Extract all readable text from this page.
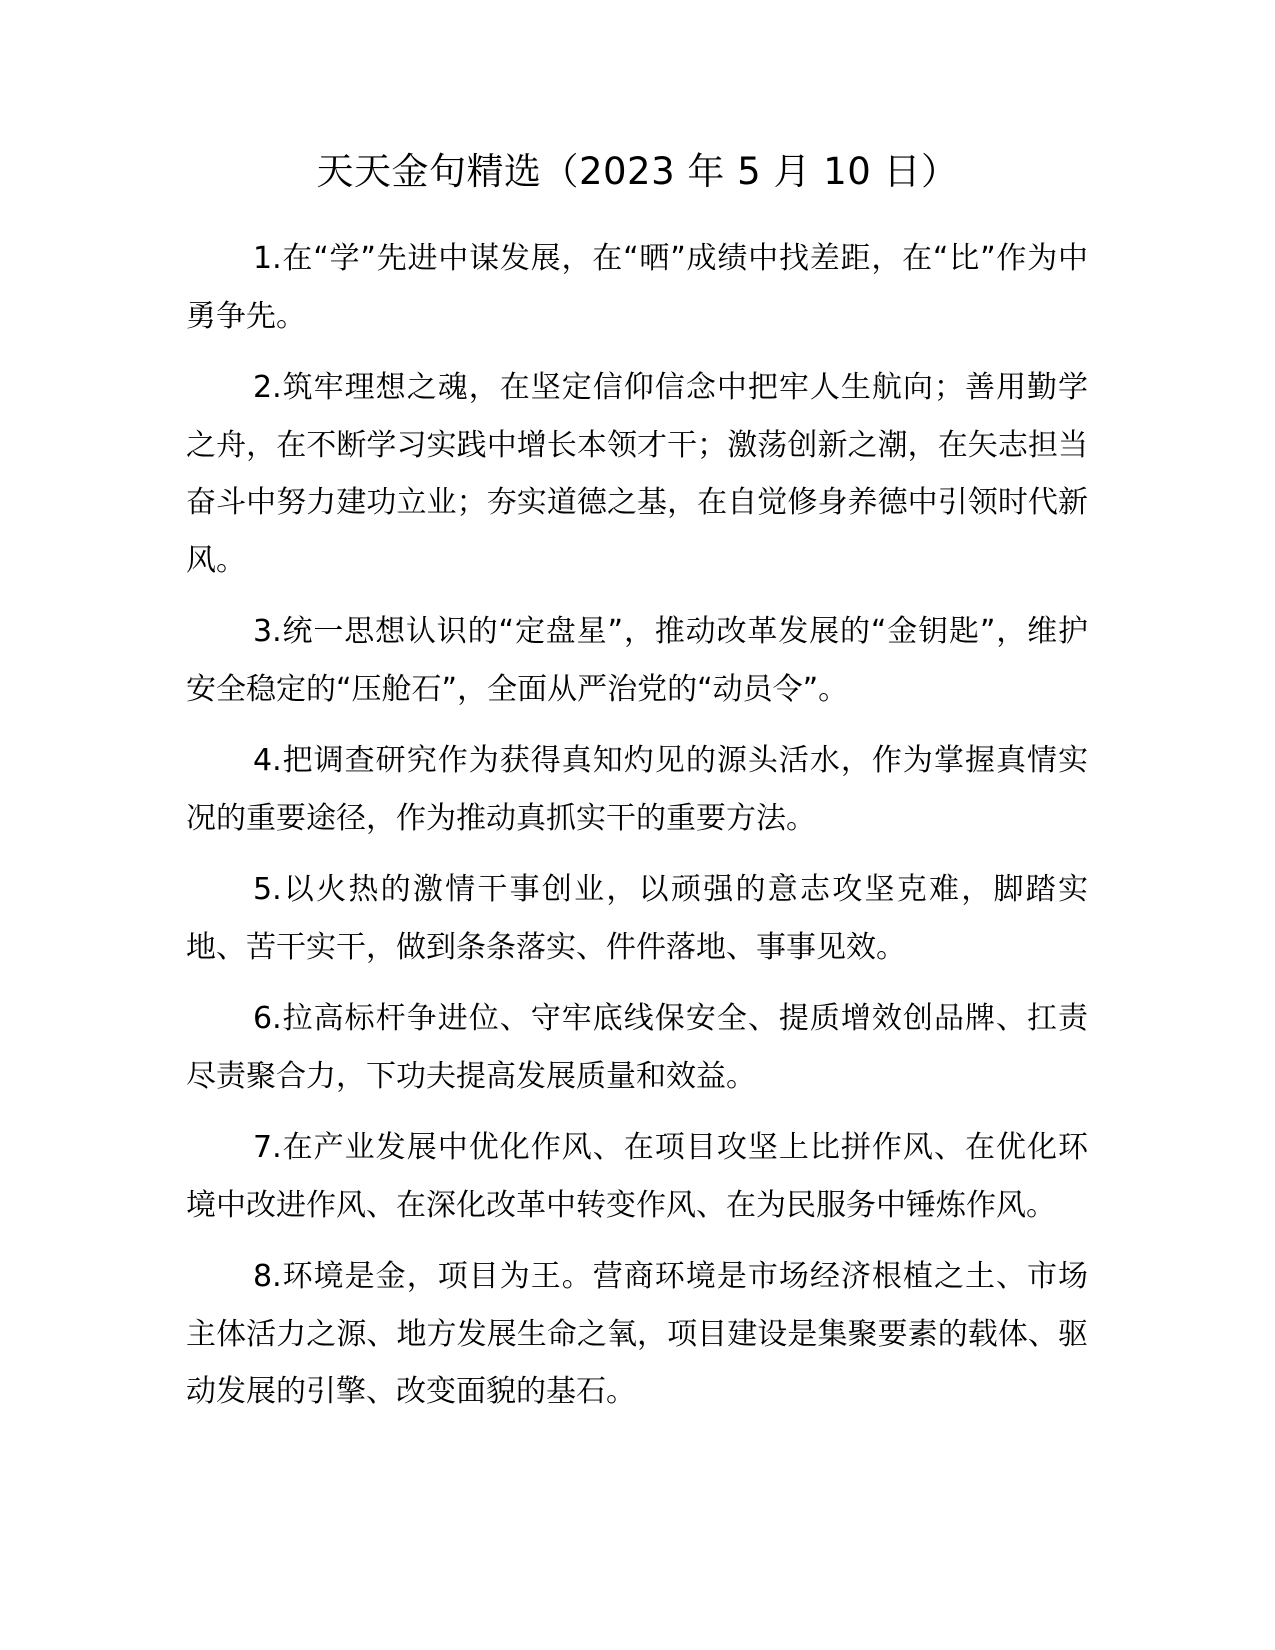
天天金句精选（2023 年 5 月 10 日）

1.在“学”先进中谋发展，在“晒”成绩中找差距，在“比”作为中勇争先。

2.筑牢理想之魂，在坚定信仰信念中把牢人生航向；善用勤学之舟，在不断学习实践中增长本领才干；激荡创新之潮，在矢志担当奋斗中努力建功立业；夯实道德之基，在自觉修身养德中引领时代新风。

3.统一思想认识的“定盘星”，推动改革发展的“金钥匙”，维护安全稳定的“压舱石”，全面从严治党的“动员令”。

4.把调查研究作为获得真知灼见的源头活水，作为掌握真情实况的重要途径，作为推动真抓实干的重要方法。

5.以火热的激情干事创业，以顽强的意志攻坚克难，脚踏实地、苦干实干，做到条条落实、件件落地、事事见效。

6.拉高标杆争进位、守牢底线保安全、提质增效创品牌、扛责尽责聚合力，下功夫提高发展质量和效益。

7.在产业发展中优化作风、在项目攻坚上比拼作风、在优化环境中改进作风、在深化改革中转变作风、在为民服务中锤炼作风。

8.环境是金，项目为王。营商环境是市场经济根植之土、市场主体活力之源、地方发展生命之氧，项目建设是集聚要素的载体、驱动发展的引擎、改变面貌的基石。
